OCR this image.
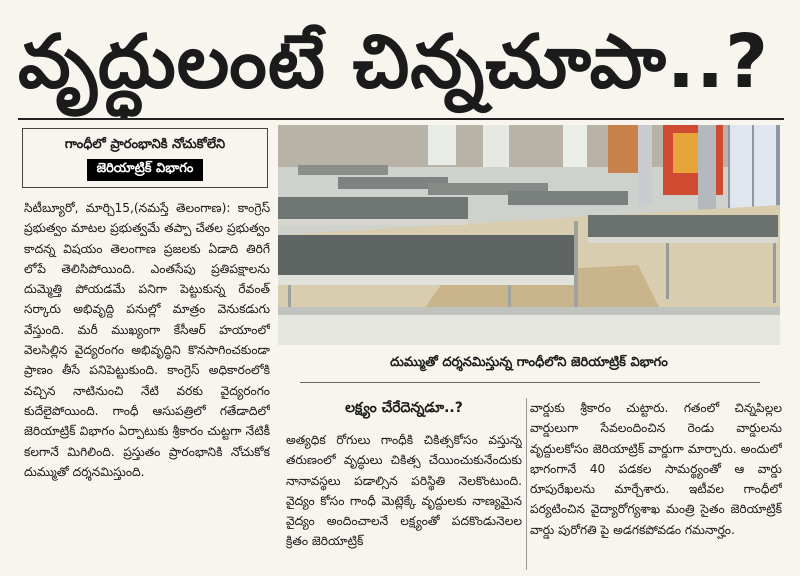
వృద్ధులంటే చిన్నచూపా..?
గాంధీలో ప్రారంభానికి నోచుకోలేని
జెరియాట్రిక్ విభాగం

సిటీబ్యూరో, మార్చి15,(నమస్తే తెలంగాణ): కాంగ్రెస్ ప్రభుత్వం మాటల ప్రభుత్వమే తప్పా చేతల ప్రభుత్వం కాదన్న విషయం తెలంగాణ ప్రజలకు ఏడాది తిరిగే లోపే తెలిసిపోయింది. ఎంతసేపు ప్రతిపక్షాలను దుమ్మెత్తి పోయడమే పనిగా పెట్టుకున్న రేవంత్ సర్కారు అభివృద్ది పనుల్లో మాత్రం వెనుకడుగు వేస్తుంది. మరీ ముఖ్యంగా కేసీఆర్ హయాంలో వెలసిల్లిన వైద్యరంగం అభివృద్ధిని కొనసాగించకుండా ప్రాణం తీసే పనిపెట్టుకుంది. కాంగ్రెస్ అధికారంలోకి వచ్చిన నాటినుంచి నేటి వరకు వైద్యరంగం కుదేలైపోయింది. గాంధీ ఆసుపత్రిలో గతేడాదిలో జెరియాట్రిక్ విభాగం ఏర్పాటుకు శ్రీకారం చుట్టగా నేటికీ కలగానే మిగిలింది. ప్రస్తుతం ప్రారంభానికి నోచుకోక దుమ్ముతో దర్శనమిస్తుంది.

దుమ్ముతో దర్శనమిస్తున్న గాంధీలోని జెరియాట్రిక్ విభాగం
లక్ష్యం చేరేదెన్నడూ..?

అత్యధిక రోగులు గాంధీకి చికిత్సకోసం వస్తున్న తరుణంలో వృద్ధులు చికిత్స చేయించుకునేందుకు నానావస్థలు పడాల్సిన పరిస్థితి నెలకొంటుంది. వైద్యం కోసం గాంధీ మెట్లెక్కే వృద్దులకు నాణ్యమైన వైద్యం అందించాలనే లక్ష్యంతో పదకొండునెలల క్రితం జెరియాట్రిక్

వార్డుకు శ్రీకారం చుట్టారు. గతంలో చిన్నపిల్లల వార్డులుగా సేవలందించిన రెండు వార్డులను వృద్దులకోసం జెరియాట్రిక్ వార్డుగా మార్చారు. అందులో భాగంగానే 40 పడకల సామర్థ్యంతో ఆ వార్డు రూపురేఖలను మార్చేశారు. ఇటీవల గాంధీలో పర్యటించిన వైద్యారోగ్యశాఖ మంత్రి సైతం జెరియాట్రిక్ వార్డు పురోగతి పై అడగకపోవడం గమనార్హం.
